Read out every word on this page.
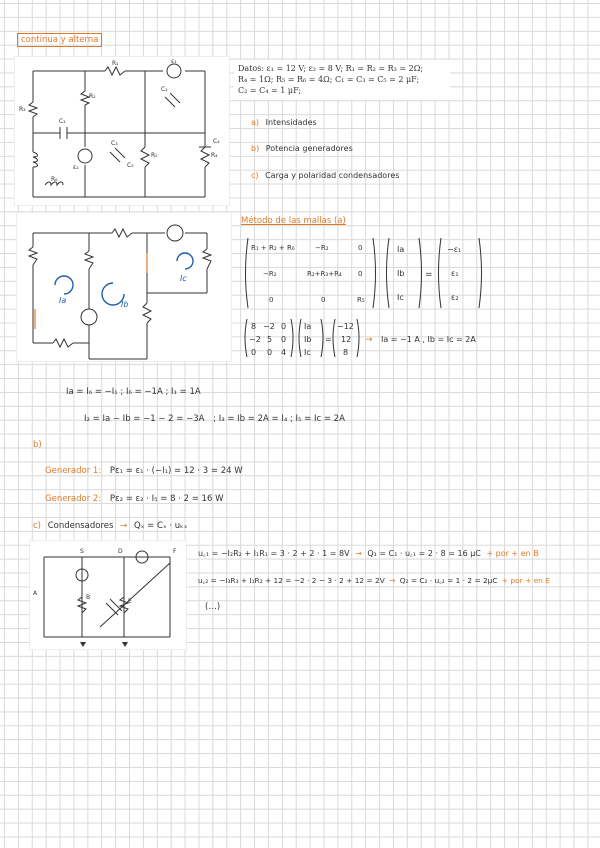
continua y alterna
R₁
R₂
R₃
R₄
R₅
R₆
C₁
C₂
C₃	C₄
C₅
ε₁
ε₂
Datos: ε₁ = 12 V; ε₂ = 8 V; R₁ = R₂ = R₃ = 2Ω;
R₄ = 1Ω; R₅ = R₆ = 4Ω; C₁ = C₃ = C₅ = 2 μF;
C₂ = C₄ = 1 μF;
a) Intensidades
b) Potencia generadores
c) Carga y polaridad condensadores
Ia	Ib
Ic
Método de las mallas (a)
R₁ + R₂ + R₆	−R₂	0
−R₂	R₂+R₃+R₄ 0
0	0	R₅
Ia
Ib
Ic
=
−ε₁
ε₁
ε₂
8 −2 0
−2 5 0
0 0 4
Ia
Ib
Ic
=
−12
12
8
→ Ia = −1 A , Ib = Ic = 2A
Ia = I₆ = −I₁ ; I₆ = −1A ; I₁ = 1A
I₂ = Ia − Ib = −1 − 2 = −3A ; I₃ = Ib = 2A = I₄ ; I₅ = Ic = 2A
b)
Generador 1: Pε₁ = ε₁ · (−I₁) = 12 · 3 = 24 W
Generador 2: Pε₂ = ε₂ · I₅ = 8 · 2 = 16 W
c) Condensadores → Qₓ = Cₓ · uₖₓ
A
B
D
E
F
S	u꜀₁ = −I₂R₂ + I₁R₁ = 3 · 2 + 2 · 1 = 8V → Q₁ = C₁ · u꜀₁ = 2 · 8 = 16 μC + por + en B
u꜀₂ = −I₃R₃ + I₁R₂ + 12 = −2 · 2 − 3 · 2 + 12 = 2V → Q₂ = C₂ · u꜀₂ = 1 · 2 = 2μC + por + en E
(…)
